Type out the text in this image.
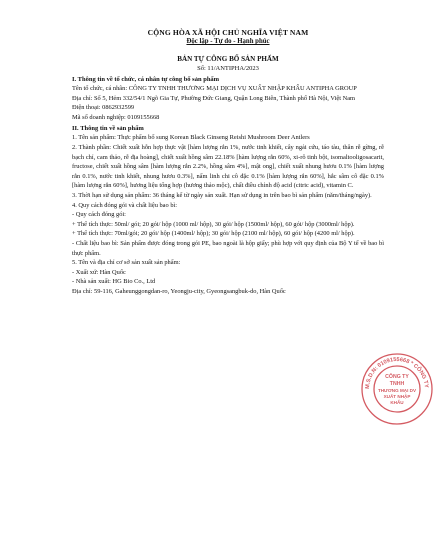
CỘNG HÒA XÃ HỘI CHỦ NGHĨA VIỆT NAM
Độc lập - Tự do - Hạnh phúc
BẢN TỰ CÔNG BỐ SẢN PHẨM
Số: 11/ANTIPHA/2023
I. Thông tin về tổ chức, cá nhân tự công bố sản phẩm
Tên tổ chức, cá nhân: CÔNG TY TNHH THƯƠNG MẠI DỊCH VỤ XUẤT NHẬP KHẨU ANTIPHA GROUP
Địa chỉ: Số 5, Hẻm 332/54/1 Ngõ Gia Tự, Phường Đức Giang, Quận Long Biên, Thành phố Hà Nội, Việt Nam
Điện thoại: 0862932599
Mã số doanh nghiệp: 0109155668
II. Thông tin về sản phẩm
1. Tên sản phẩm: Thực phẩm bổ sung Korean Black Ginseng Reishi Mushroom Deer Antlers
2. Thành phần: Chiết xuất hỗn hợp thực vật [hàm lượng rắn 1%, nước tinh khiết, cây ngải cứu, táo tàu, thân rễ gừng, rễ bạch chỉ, cam thảo, rễ địa hoàng], chiết xuất hồng sâm 22.18% [hàm lượng rắn 60%, xi-rô tinh bột, isomaltooligosacarit, fructose, chiết xuất hồng sâm [hàm lượng rắn 2.2%, hồng sâm 4%], mật ong], chiết xuất nhung hươu 0.1% [hàm lượng rắn 0.1%, nước tinh khiết, nhung hươu 0.3%], nấm linh chi cô đặc 0.1% [hàm lượng rắn 60%], hắc sâm cô đặc 0.1% [hàm lượng rắn 60%], hương liệu tổng hợp (hương thảo mộc), chất điều chỉnh độ acid (citric acid), vitamin C.
3. Thời hạn sử dụng sản phẩm: 36 tháng kể từ ngày sản xuất. Hạn sử dụng in trên bao bì sản phẩm (năm/tháng/ngày).
4. Quy cách đóng gói và chất liệu bao bì:
- Quy cách đóng gói:
+ Thể tích thực: 50ml/ gói; 20 gói/ hộp (1000 ml/ hộp), 30 gói/ hộp (1500ml/ hộp), 60 gói/ hộp (3000ml/ hộp).
+ Thể tích thực: 70ml/gói; 20 gói/ hộp (1400ml/ hộp); 30 gói/ hộp (2100 ml/ hộp), 60 gói/ hộp (4200 ml/ hộp).
- Chất liệu bao bì: Sản phẩm được đóng trong gói PE, bao ngoài là hộp giấy; phù hợp với quy định của Bộ Y tế về bao bì thực phẩm.
5. Tên và địa chỉ cơ sở sản xuất sản phẩm:
- Xuất xứ: Hàn Quốc
- Nhà sản xuất: HG Bio Co., Ltd
Địa chỉ: 59-116, Gaheunggongdan-ro, Yeongju-city, Gyeongsangbuk-do, Hàn Quốc
M.S.D.N: 0109155668 * CÔNG TY
CÔNG TY
TNHH
THƯƠNG MẠI DV
XUẤT NHẬP
KHẨU
